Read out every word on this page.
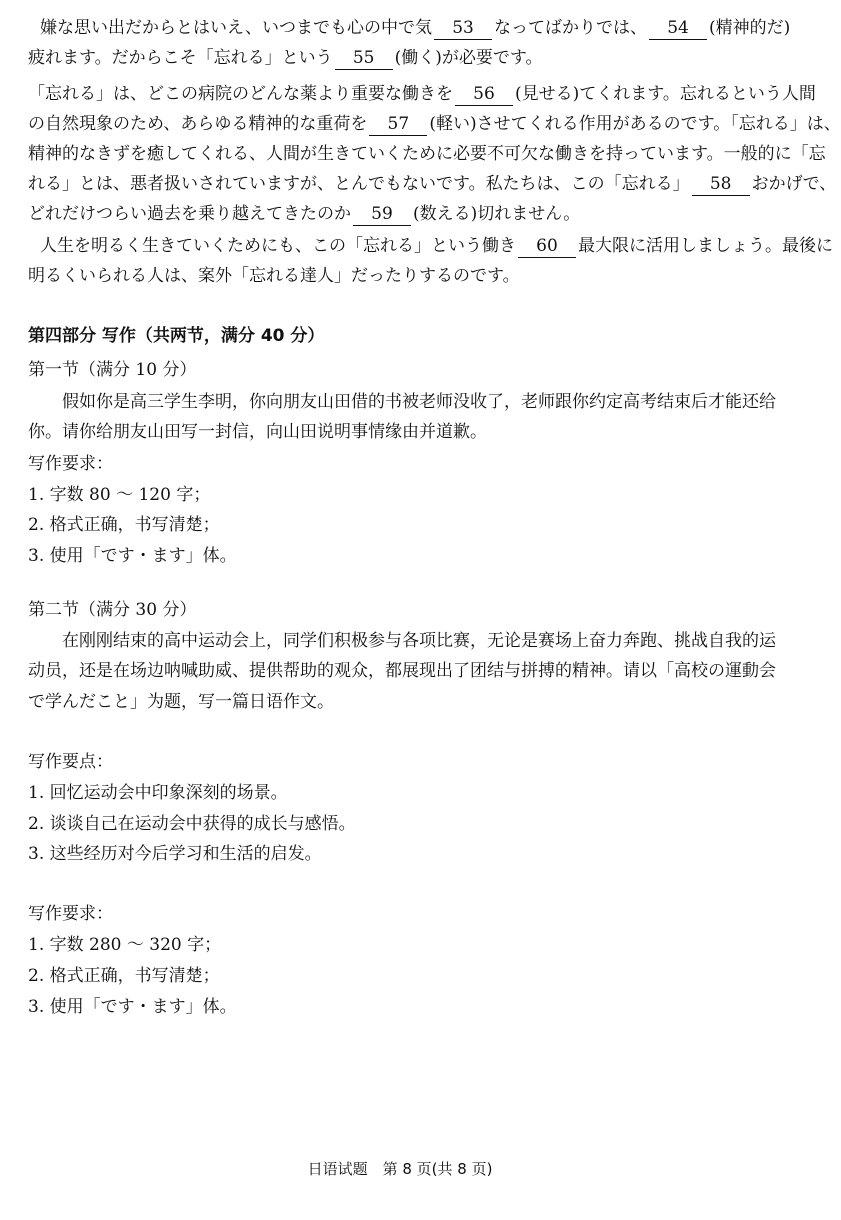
嫌な思い出だからとはいえ、いつまでも心の中で気 53 なってばかりでは、 54 (精神的だ)
疲れます。だからこそ「忘れる」という 55 (働く)が必要です。
「忘れる」は、どこの病院のどんな薬より重要な働きを 56 (見せる)てくれます。忘れるという人間
の自然現象のため、あらゆる精神的な重荷を 57 (軽い)させてくれる作用があるのです。「忘れる」は、
精神的なきずを癒してくれる、人間が生きていくために必要不可欠な働きを持っています。一般的に「忘
れる」とは、悪者扱いされていますが、とんでもないです。私たちは、この「忘れる」 58 おかげで、
どれだけつらい過去を乗り越えてきたのか 59 (数える)切れません。
人生を明るく生きていくためにも、この「忘れる」という働き 60 最大限に活用しましょう。最後に
明るくいられる人は、案外「忘れる達人」だったりするのです。
第四部分 写作（共两节，满分 40 分）
第一节（满分 10 分）
假如你是高三学生李明，你向朋友山田借的书被老师没收了，老师跟你约定高考结束后才能还给
你。请你给朋友山田写一封信，向山田说明事情缘由并道歉。
写作要求：
1. 字数 80 ～ 120 字；
2. 格式正确，书写清楚；
3. 使用「です・ます」体。
第二节（满分 30 分）
在刚刚结束的高中运动会上，同学们积极参与各项比赛，无论是赛场上奋力奔跑、挑战自我的运
动员，还是在场边呐喊助威、提供帮助的观众，都展现出了团结与拼搏的精神。请以「高校の運動会
で学んだこと」为题，写一篇日语作文。
写作要点：
1. 回忆运动会中印象深刻的场景。
2. 谈谈自己在运动会中获得的成长与感悟。
3. 这些经历对今后学习和生活的启发。
写作要求：
1. 字数 280 ～ 320 字；
2. 格式正确，书写清楚；
3. 使用「です・ます」体。
日语试题　第 8 页(共 8 页)
